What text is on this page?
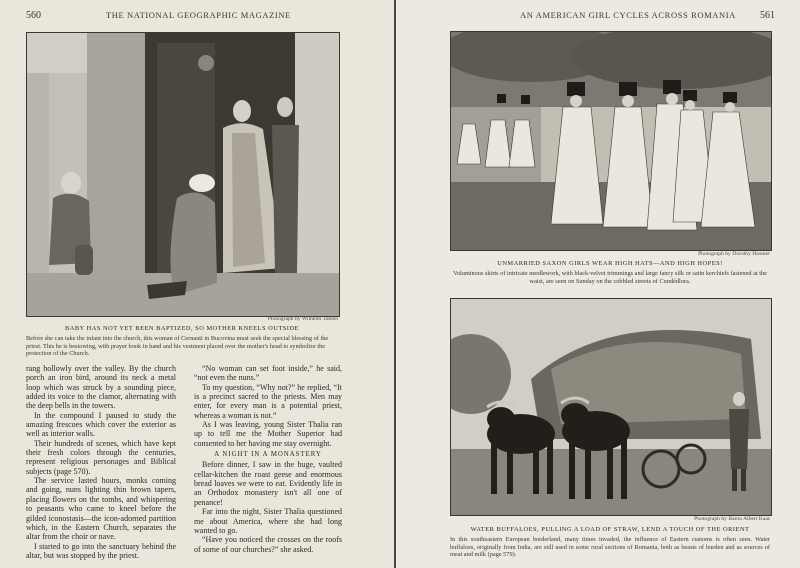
560	THE NATIONAL GEOGRAPHIC MAGAZINE
Photograph by Wilhelm Tobien
BABY HAS NOT YET BEEN BAPTIZED, SO MOTHER KNEELS OUTSIDE
Before she can take the infant into the church, this woman of Cernauti in Bucovina must seek the special blessing of the priest. This he is bestowing, with prayer book in hand and his vestment placed over the mother's head to symbolize the protection of the Church.

rang hollowly over the valley. By the church porch an iron bird, around its neck a metal loop which was struck by a sounding piece, added its voice to the clamor, alternating with the deep bells in the towers.

In the compound I paused to study the amazing frescoes which cover the exterior as well as interior walls.

Their hundreds of scenes, which have kept their fresh colors through the centuries, represent religious personages and Biblical subjects (page 570).

The service lasted hours, monks coming and going, nuns lighting thin brown tapers, placing flowers on the tombs, and whispering to peasants who came to kneel before the gilded iconostasis—the icon-adorned partition which, in the Eastern Church, separates the altar from the choir or nave.

I started to go into the sanctuary behind the altar, but was stopped by the priest.

“No woman can set foot inside,” he said, “not even the nuns.”

To my question, “Why not?” he replied, “It is a precinct sacred to the priests. Men may enter, for every man is a potential priest, whereas a woman is not.”

As I was leaving, young Sister Thalia ran up to tell me the Mother Superior had consented to her having me stay overnight.

A NIGHT IN A MONASTERY

Before dinner, I saw in the huge, vaulted cellar-kitchen the roast geese and enormous bread loaves we were to eat. Evidently life in an Orthodox monastery isn't all one of penance!

Far into the night, Sister Thalia questioned me about America, where she had long wanted to go.

“Have you noticed the crosses on the roofs of some of our churches?” she asked.

AN AMERICAN GIRL CYCLES ACROSS ROMANIA 561
Photograph by Dorothy Hosmer
UNMARRIED SAXON GIRLS WEAR HIGH HATS—AND HIGH HOPES!
Voluminous skirts of intricate needlework, with black-velvet trimmings and large fancy silk or satin kerchiefs fastened at the waist, are seen on Sunday on the cobbled streets of Cundédlora.
Photograph by Baron Albert Kaas
WATER BUFFALOES, PULLING A LOAD OF STRAW, LEND A TOUCH OF THE ORIENT
In this southeastern European borderland, many times invaded, the influence of Eastern customs is often seen. Water buffaloes, originally from India, are still used in some rural sections of Romania, both as beasts of burden and as sources of meat and milk (page 579).
